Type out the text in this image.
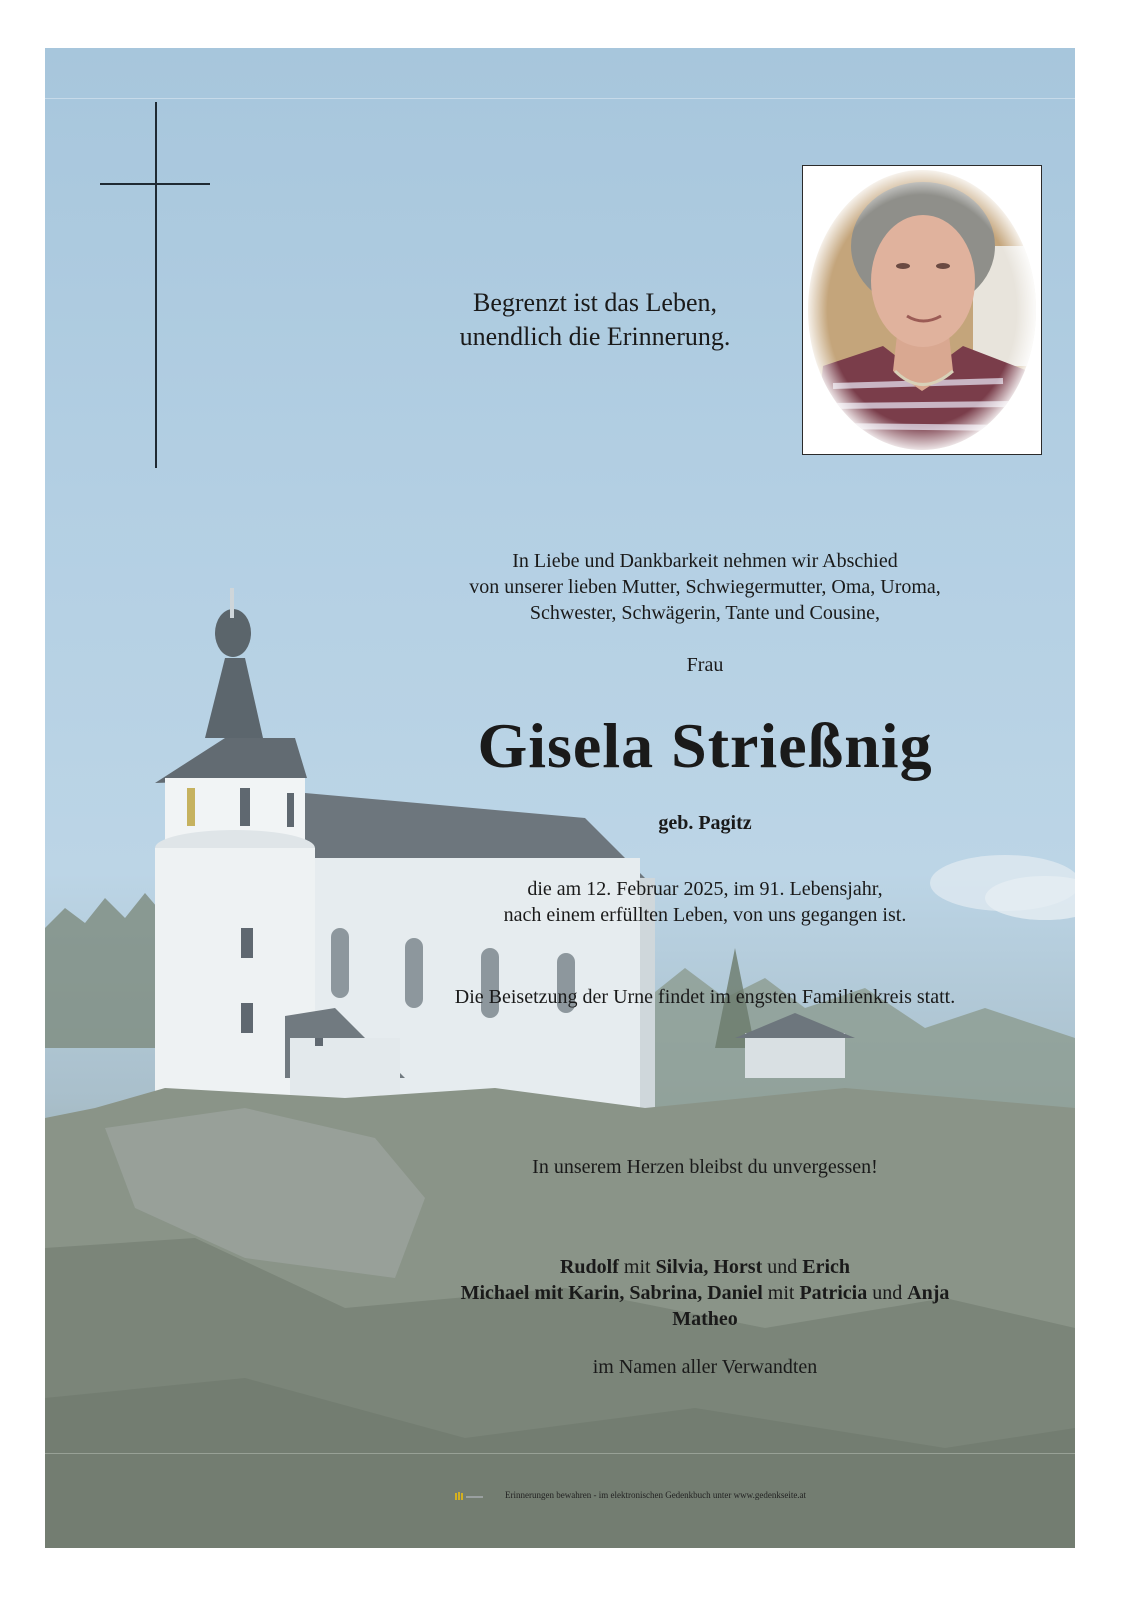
Begrenzt ist das Leben,
unendlich die Erinnerung.
In Liebe und Dankbarkeit nehmen wir Abschied
von unserer lieben Mutter, Schwiegermutter, Oma, Uroma,
Schwester, Schwägerin, Tante und Cousine,
Frau
Gisela Strießnig
geb. Pagitz
die am 12. Februar 2025, im 91. Lebensjahr,
nach einem erfüllten Leben, von uns gegangen ist.
Die Beisetzung der Urne findet im engsten Familienkreis statt.
In unserem Herzen bleibst du unvergessen!
Rudolf mit Silvia, Horst und Erich
Michael mit Karin, Sabrina, Daniel mit Patricia und Anja
Matheo
im Namen aller Verwandten
Erinnerungen bewahren - im elektronischen Gedenkbuch unter www.gedenkseite.at
